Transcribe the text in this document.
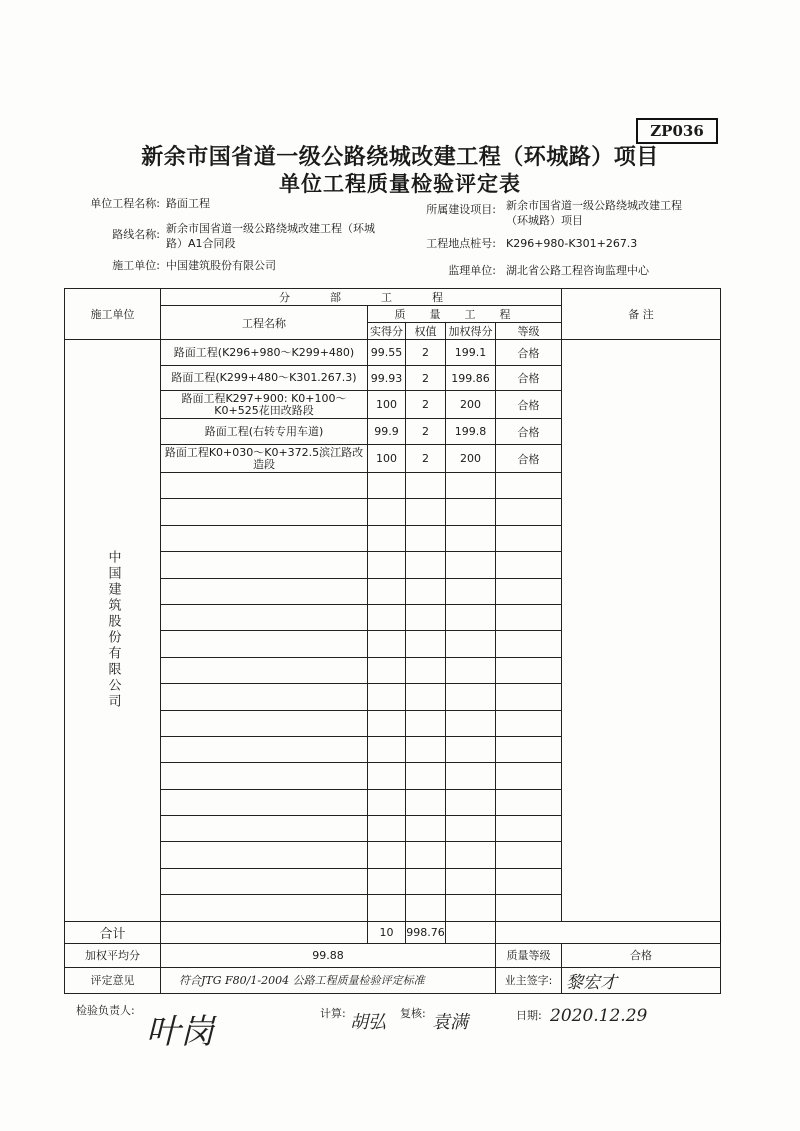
ZP036
新余市国省道一级公路绕城改建工程（环城路）项目
单位工程质量检验评定表
单位工程名称: 路面工程	所属建设项目: 新余市国省道一级公路绕城改建工程
（环城路）项目
路线名称: 新余市国省道一级公路绕城改建工程（环城
路）A1合同段	工程地点桩号: K296+980-K301+267.3
施工单位: 中国建筑股份有限公司	监理单位: 湖北省公路工程咨询监理中心
施工单位	分部工程					备 注
	工程名称	质量工程				
		实得分	权值	加权得分	等级	

中国建筑股份有限公司	路面工程(K296+980～K299+480)	99.55	2	199.1	合格	
	路面工程(K299+480～K301.267.3)	99.93	2	199.86	合格	
	路面工程K297+900: K0+100～K0+525花田改路段	100	2	200	合格	
	路面工程(右转专用车道)	99.9	2	199.8	合格	
	路面工程K0+030～K0+372.5滨江路改造段	100	2	200	合格	

合计		10	998.76			
加权平均分	99.88				质量等级	合格
评定意见	符合JTG F80/1-2004 公路工程质量检验评定标准				业主签字:	黎宏才
检验负责人:
叶岗	计算: 胡弘 复核: 袁满	日期: 2020.12.29
